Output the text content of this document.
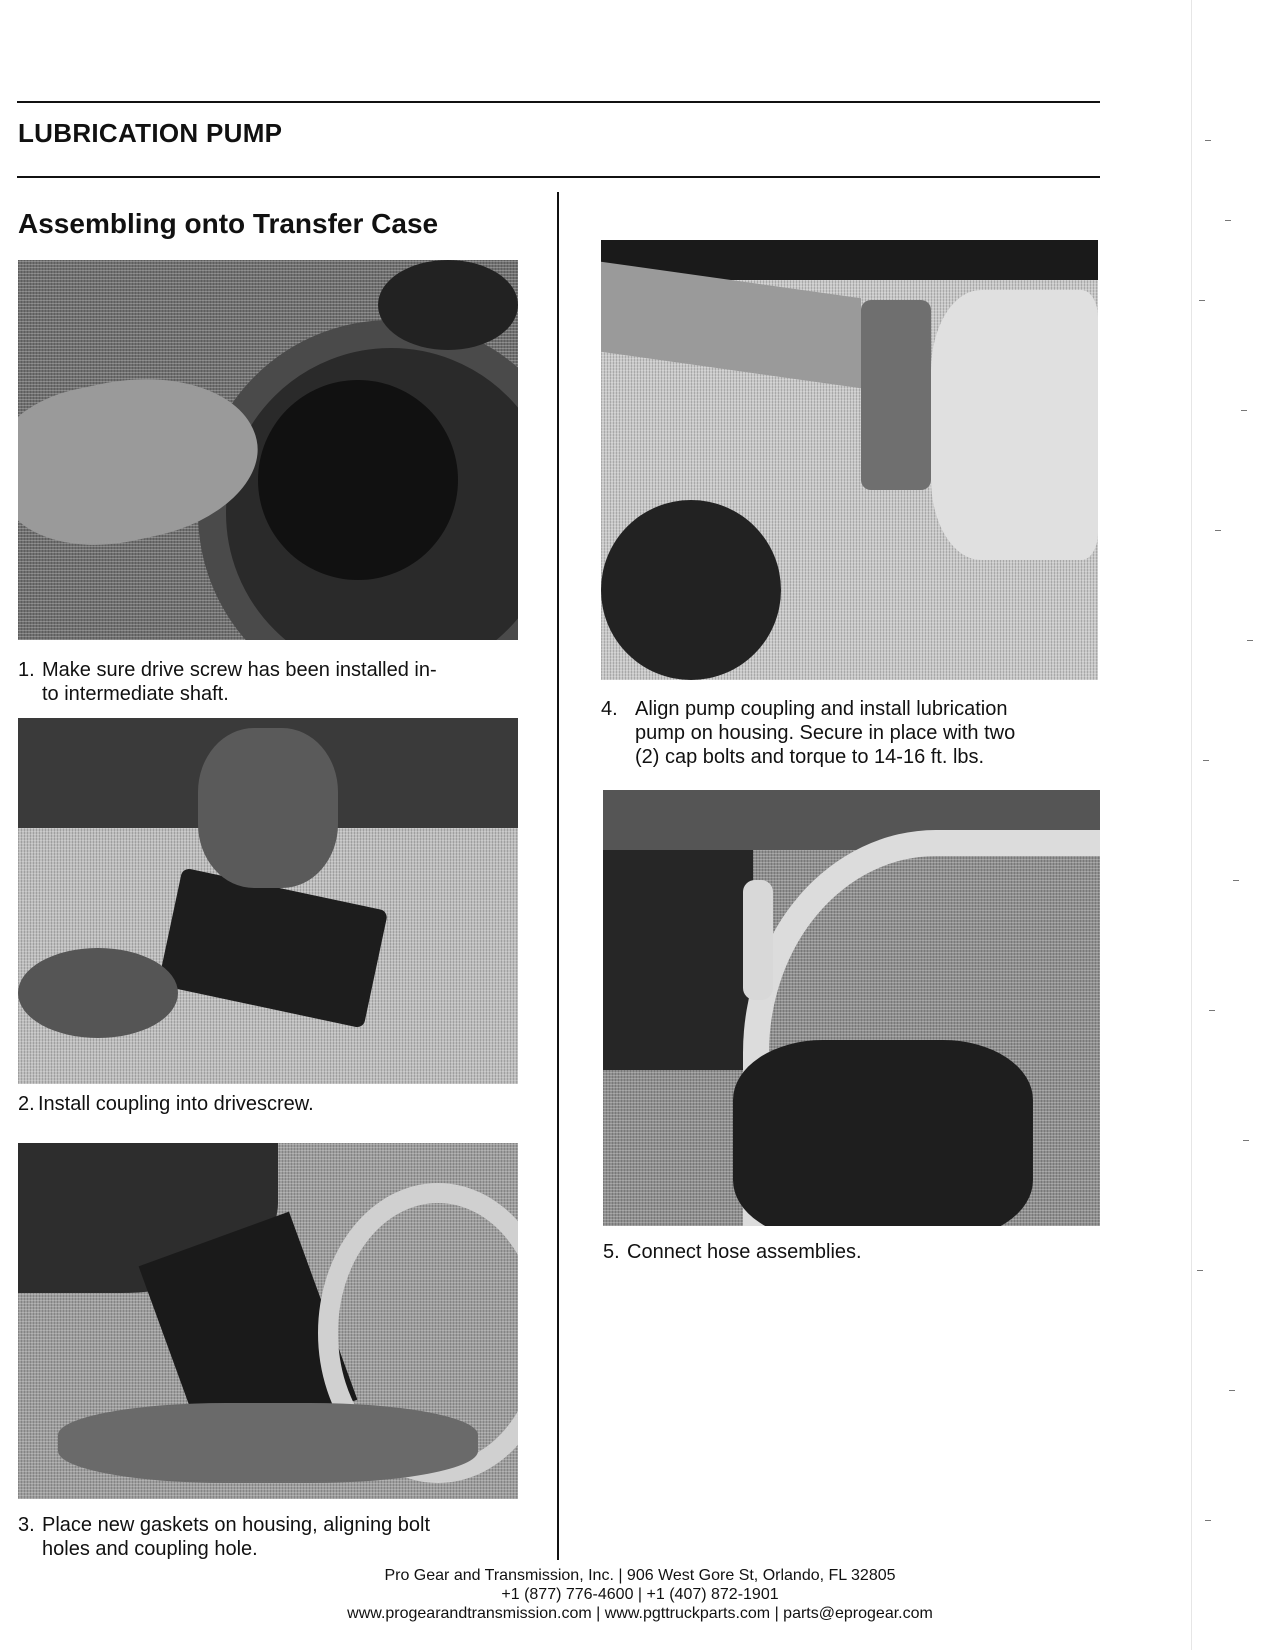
LUBRICATION PUMP
Assembling onto Transfer Case
1. Make sure drive screw has been installed in-
to intermediate shaft.
2. Install coupling into drivescrew.
3. Place new gaskets on housing, aligning bolt
holes and coupling hole.
4. Align pump coupling and install lubrication
pump on housing. Secure in place with two
(2) cap bolts and torque to 14-16 ft. lbs.
5. Connect hose assemblies.
Pro Gear and Transmission, Inc. | 906 West Gore St, Orlando, FL 32805
+1 (877) 776-4600 | +1 (407) 872-1901
www.progearandtransmission.com | www.pgttruckparts.com | parts@eprogear.com
